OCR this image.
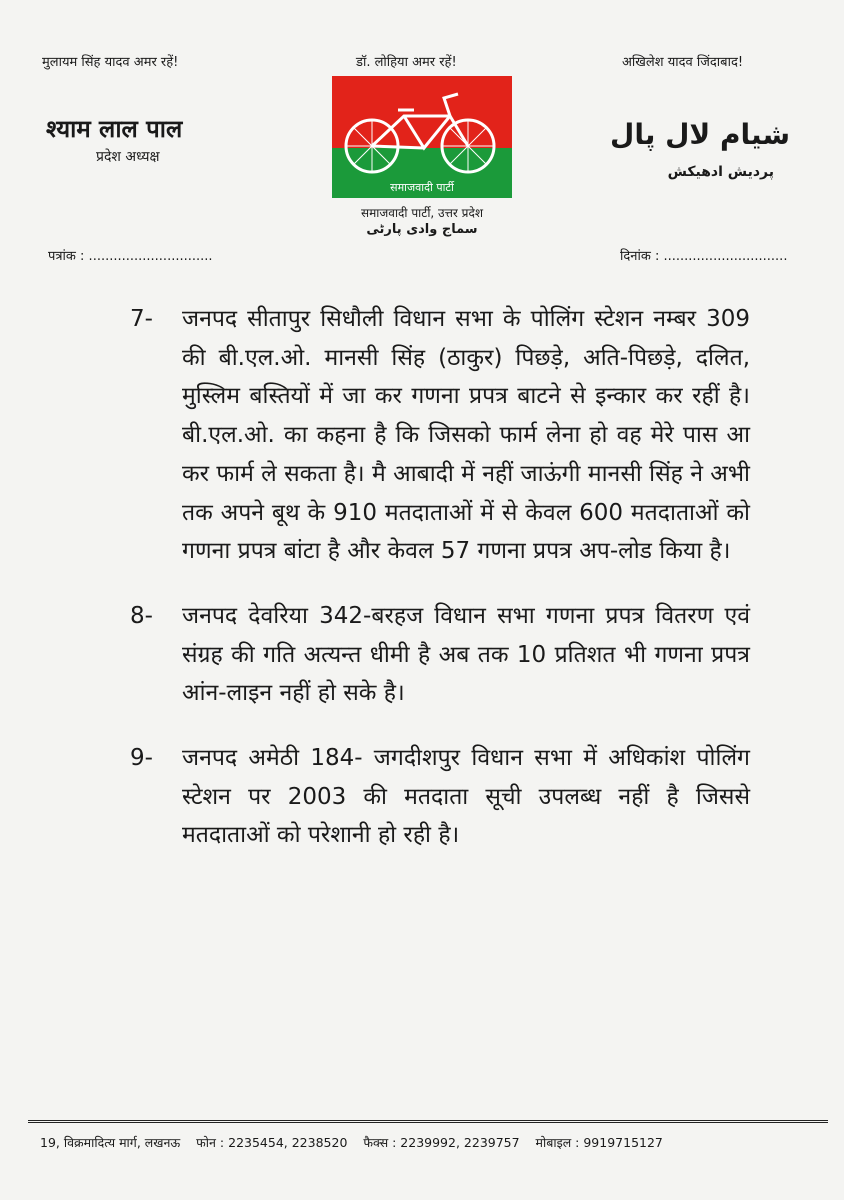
मुलायम सिंह यादव अमर रहें!	डॉ. लोहिया अमर रहें!	अखिलेश यादव जिंदाबाद!
श्याम लाल पाल
प्रदेश अध्यक्ष
شیام لال پال
پردیش ادھیکش
समाजवादी पार्टी
समाजवादी पार्टी, उत्तर प्रदेश
سماج وادی پارٹی
पत्रांक : ..............................	दिनांक : ..............................
7-	जनपद सीतापुर सिधौली विधान सभा के पोलिंग स्टेशन नम्बर 309 की बी.एल.ओ. मानसी सिंह (ठाकुर) पिछड़े, अति-पिछड़े, दलित, मुस्लिम बस्तियों में जा कर गणना प्रपत्र बाटने से इन्कार कर रहीं है। बी.एल.ओ. का कहना है कि जिसको फार्म लेना हो वह मेरे पास आ कर फार्म ले सकता है। मै आबादी में नहीं जाऊंगी मानसी सिंह ने अभी तक अपने बूथ के 910 मतदाताओं में से केवल 600 मतदाताओं को गणना प्रपत्र बांटा है और केवल 57 गणना प्रपत्र अप-लोड किया है।
8-	जनपद देवरिया 342-बरहज विधान सभा गणना प्रपत्र वितरण एवं संग्रह की गति अत्यन्त धीमी है अब तक 10 प्रतिशत भी गणना प्रपत्र आंन-लाइन नहीं हो सके है।
9-	जनपद अमेठी 184- जगदीशपुर विधान सभा में अधिकांश पोलिंग स्टेशन पर 2003 की मतदाता सूची उपलब्ध नहीं है जिससे मतदाताओं को परेशानी हो रही है।
19, विक्रमादित्य मार्ग, लखनऊ फोन : 2235454, 2238520 फैक्स : 2239992, 2239757 मोबाइल : 9919715127
